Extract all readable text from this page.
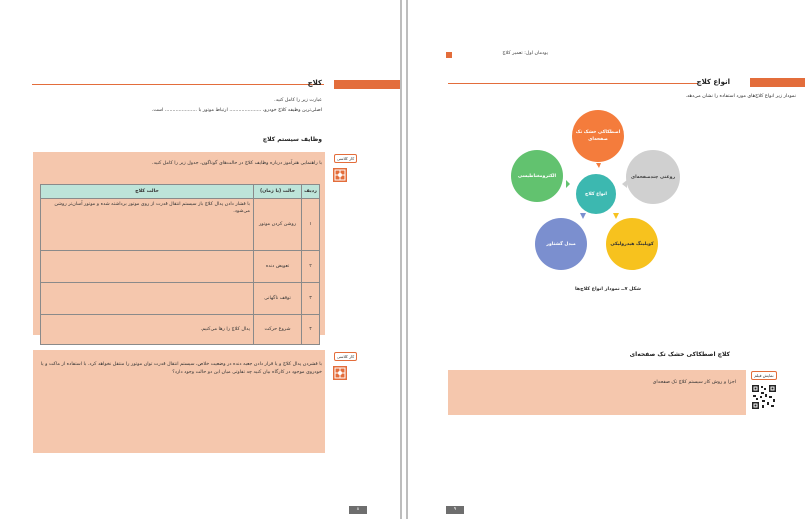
کلاچ
عبارت زیر را کامل کنید.
اصلی‌ترین وظیفه کلاچ خودرو، ..................... ارتباط موتور با ..................... است.
وظایف سیستم کلاچ
با راهنمایی هنرآموز درباره وظایف کلاچ در حالت‌های گوناگون، جدول زیر را کامل کنید.
کار کلاسی
ردیف	حالت (یا زمان)	حالت کلاچ
۱	روشن کردن موتور	با فشار دادن پدال کلاچ باز سیستم انتقال قدرت از روی موتور برداشته شده و موتور آسان‌تر روشن می‌شود.
۲	تعویض دنده	
۳	توقف ناگهانی	
۴	شروع حرکت	پدال کلاچ را رها می‌کنیم.
با فشردن پدال کلاچ و یا قرار دادن جعبه دنده در وضعیت خلاص، سیستم انتقال قدرت توان موتور را منتقل نخواهد کرد. با استفاده از ماکت و یا خودروی موجود در کارگاه بیان کنید چه تفاوتی میان این دو حالت وجود دارد؟
کار کلاسی
۸
پودمان اول: تعمیر کلاچ
انواع کلاچ
نمودار زیر انواع کلاچ‌های مورد استفاده را نشان می‌دهد.
اصطکاکی خشک تک صفحه‌ای
روغنی چندصفحه‌ای
کوپلینگ هیدرولیکی
مبدل گشتاور
الکترومغناطیسی
انواع کلاچ
شکل ۷ــ نمودار انواع کلاچ‌ها
کلاچ اصطکاکی خشک تک صفحه‌ای
اجزا و روش کار سیستم کلاچ تک صفحه‌ای
نمایش فیلم
۹
